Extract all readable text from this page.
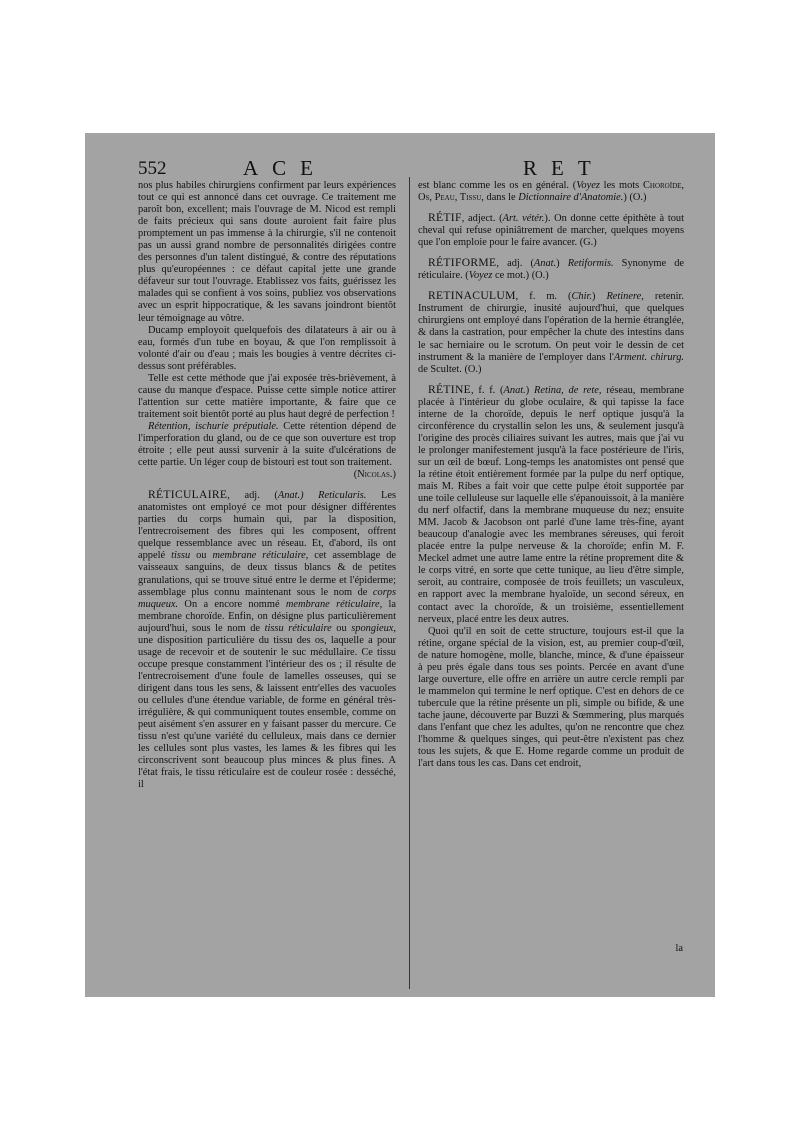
552	ACE	RET

nos plus habiles chirurgiens confirment par leurs expériences tout ce qui est annoncé dans cet ouvrage. Ce traitement me paroît bon, excellent; mais l'ouvrage de M. Nicod est rempli de faits précieux qui sans doute auroient fait faire plus promptement un pas immense à la chirurgie, s'il ne contenoit pas un aussi grand nombre de personnalités dirigées contre des personnes d'un talent distingué, & contre des réputations plus qu'européennes : ce défaut capital jette une grande défaveur sur tout l'ouvrage. Etablissez vos faits, guérissez les malades qui se confient à vos soins, publiez vos observations avec un esprit hippocratique, & les savans joindront bientôt leur témoignage au vôtre.

Ducamp employoit quelquefois des dilatateurs à air ou à eau, formés d'un tube en boyau, & que l'on remplissoit à volonté d'air ou d'eau ; mais les bougies à ventre décrites ci-dessus sont préférables.

Telle est cette méthode que j'ai exposée très-brièvement, à cause du manque d'espace. Puisse cette simple notice attirer l'attention sur cette matière importante, & faire que ce traitement soit bientôt porté au plus haut degré de perfection !

Rétention, ischurie préputiale. Cette rétention dépend de l'imperforation du gland, ou de ce que son ouverture est trop étroite ; elle peut aussi survenir à la suite d'ulcérations de cette partie. Un léger coup de bistouri est tout son traitement.

(Nicolas.)

RÉTICULAIRE, adj. (Anat.) Reticularis. Les anatomistes ont employé ce mot pour désigner différentes parties du corps humain qui, par la disposition, l'entrecroisement des fibres qui les composent, offrent quelque ressemblance avec un réseau. Et, d'abord, ils ont appelé tissu ou membrane réticulaire, cet assemblage de vaisseaux sanguins, de deux tissus blancs & de petites granulations, qui se trouve situé entre le derme et l'épiderme; assemblage plus connu maintenant sous le nom de corps muqueux. On a encore nommé membrane réticulaire, la membrane choroïde. Enfin, on désigne plus particulièrement aujourd'hui, sous le nom de tissu réticulaire ou spongieux, une disposition particulière du tissu des os, laquelle a pour usage de recevoir et de soutenir le suc médullaire. Ce tissu occupe presque constamment l'intérieur des os ; il résulte de l'entrecroisement d'une foule de lamelles osseuses, qui se dirigent dans tous les sens, & laissent entr'elles des vacuoles ou cellules d'une étendue variable, de forme en général très-irrégulière, & qui communiquent toutes ensemble, comme on peut aisément s'en assurer en y faisant passer du mercure. Ce tissu n'est qu'une variété du celluleux, mais dans ce dernier les cellules sont plus vastes, les lames & les fibres qui les circonscrivent sont beaucoup plus minces & plus fines. A l'état frais, le tissu réticulaire est de couleur rosée : desséché, il

est blanc comme les os en général. (Voyez les mots Choroïde, Os, Peau, Tissu, dans le Dictionnaire d'Anatomie.) (O.)

RÉTIF, adject. (Art. vétér.). On donne cette épithète à tout cheval qui refuse opiniâtrement de marcher, quelques moyens que l'on emploie pour le faire avancer. (G.)

RÉTIFORME, adj. (Anat.) Retiformis. Synonyme de réticulaire. (Voyez ce mot.) (O.)

RETINACULUM, f. m. (Chir.) Retinere, retenir. Instrument de chirurgie, inusité aujourd'hui, que quelques chirurgiens ont employé dans l'opération de la hernie étranglée, & dans la castration, pour empêcher la chute des intestins dans le sac herniaire ou le scrotum. On peut voir le dessin de cet instrument & la manière de l'employer dans l'Arment. chirurg. de Scultet. (O.)

RÉTINE, f. f. (Anat.) Retina, de rete, réseau, membrane placée à l'intérieur du globe oculaire, & qui tapisse la face interne de la choroïde, depuis le nerf optique jusqu'à la circonférence du crystallin selon les uns, & seulement jusqu'à l'origine des procès ciliaires suivant les autres, mais que j'ai vu le prolonger manifestement jusqu'à la face postérieure de l'iris, sur un œil de bœuf. Long-temps les anatomistes ont pensé que la rétine étoit entièrement formée par la pulpe du nerf optique, mais M. Ribes a fait voir que cette pulpe étoit supportée par une toile celluleuse sur laquelle elle s'épanouissoit, à la manière du nerf olfactif, dans la membrane muqueuse du nez; ensuite MM. Jacob & Jacobson ont parlé d'une lame très-fine, ayant beaucoup d'analogie avec les membranes séreuses, qui feroit placée entre la pulpe nerveuse & la choroïde; enfin M. F. Meckel admet une autre lame entre la rétine proprement dite & le corps vitré, en sorte que cette tunique, au lieu d'être simple, seroit, au contraire, composée de trois feuillets; un vasculeux, en rapport avec la membrane hyaloïde, un second séreux, en contact avec la choroïde, & un troisième, essentiellement nerveux, placé entre les deux autres.

Quoi qu'il en soit de cette structure, toujours est-il que la rétine, organe spécial de la vision, est, au premier coup-d'œil, de nature homogène, molle, blanche, mince, & d'une épaisseur à peu près égale dans tous ses points. Percée en avant d'une large ouverture, elle offre en arrière un autre cercle rempli par le mammelon qui termine le nerf optique. C'est en dehors de ce tubercule que la rétine présente un pli, simple ou bifide, & une tache jaune, découverte par Buzzi & Sœmmering, plus marqués dans l'enfant que chez les adultes, qu'on ne rencontre que chez l'homme & quelques singes, qui peut-être n'existent pas chez tous les sujets, & que E. Home regarde comme un produit de l'art dans tous les cas. Dans cet endroit,

la
